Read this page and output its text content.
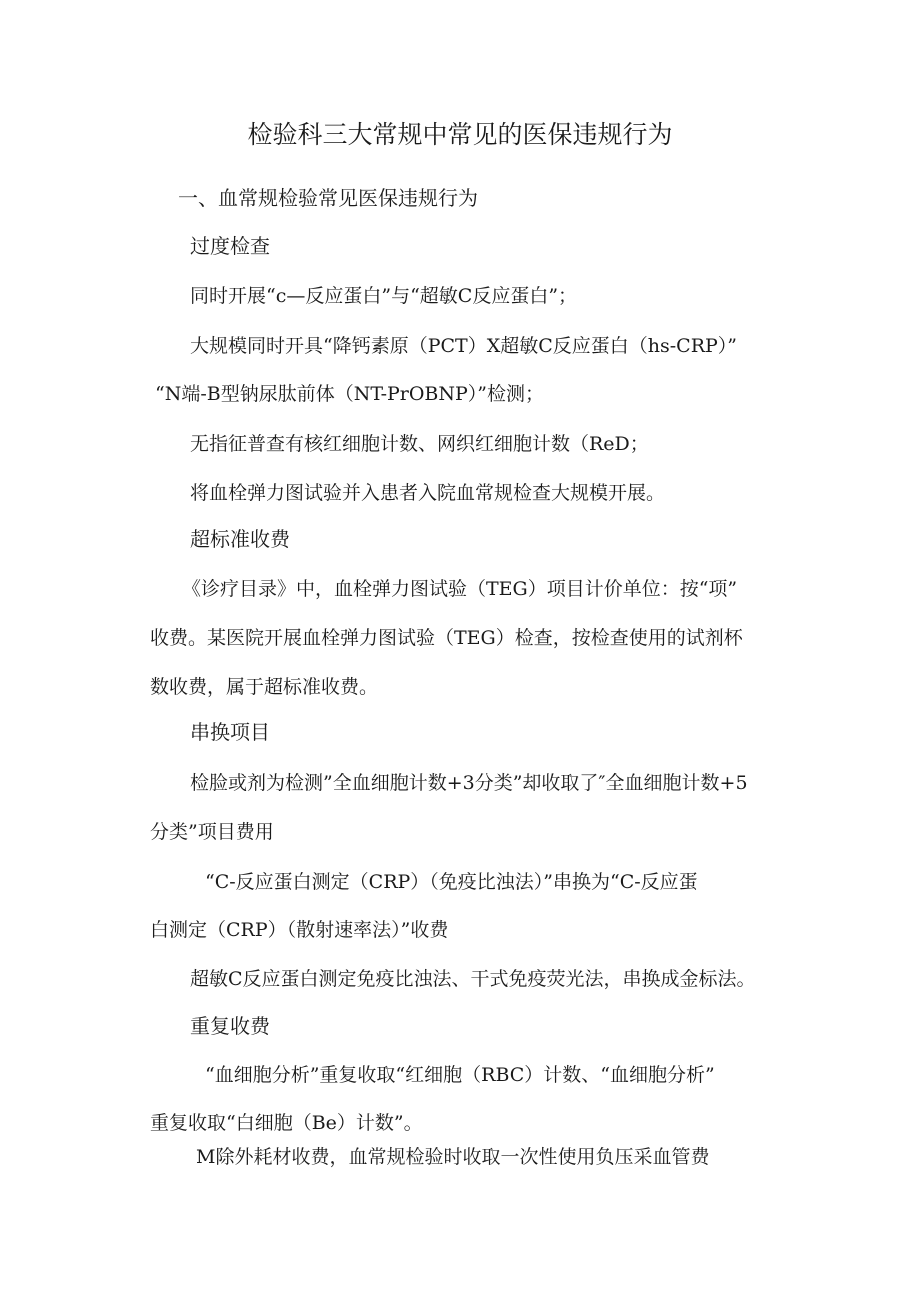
检验科三大常规中常见的医保违规行为
一、血常规检验常见医保违规行为
过度检查
同时开展“c—反应蛋白”与“超敏C反应蛋白”；
大规模同时开具“降钙素原（PCT）X超敏C反应蛋白（hs-CRP）”
“N端-B型钠尿肽前体（NT-PrOBNP）”检测；
无指征普查有核红细胞计数、网织红细胞计数（ReD；
将血栓弹力图试验并入患者入院血常规检查大规模开展。
超标准收费
《诊疗目录》中，血栓弹力图试验（TEG）项目计价单位：按“项”
收费。某医院开展血栓弹力图试验（TEG）检查，按检查使用的试剂杯
数收费，属于超标准收费。
串换项目
检脸或剂为检测”全血细胞计数+3分类”却收取了″全血细胞计数+5
分类”项目费用
“C-反应蛋白测定（CRP）（免疫比浊法）”串换为“C-反应蛋
白测定（CRP）（散射速率法）”收费
超敏C反应蛋白测定免疫比浊法、干式免疫荧光法，串换成金标法。
重复收费
“血细胞分析”重复收取“红细胞（RBC）计数、“血细胞分析”
重复收取“白细胞（Be）计数”。
M除外耗材收费，血常规检验时收取一次性使用负压采血管费
